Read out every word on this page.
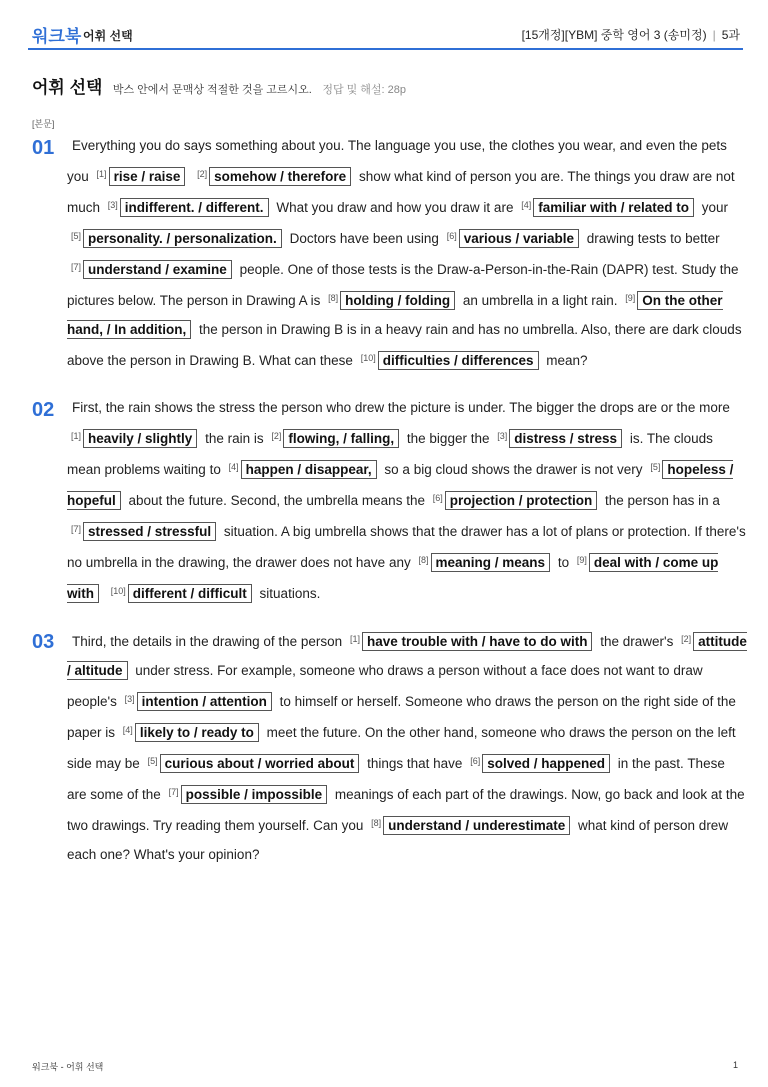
워크북 어휘 선택	[15개정][YBM] 중학 영어 3 (송미정) | 5과
어휘 선택 박스 안에서 문맥상 적절한 것을 고르시오. 정답 및 해설: 28p
[본문]
01	Everything you do says something about you. The language you use, the clothes you wear, and even the pets you [1] rise / raise [2] somehow / therefore show what kind of person you are. The things you draw are not much [3] indifferent. / different. What you draw and how you draw it are [4] familiar with / related to your [5] personality. / personalization. Doctors have been using [6] various / variable drawing tests to better [7] understand / examine people. One of those tests is the Draw-a-Person-in-the-Rain (DAPR) test. Study the pictures below. The person in Drawing A is [8] holding / folding an umbrella in a light rain. [9] On the other hand, / In addition, the person in Drawing B is in a heavy rain and has no umbrella. Also, there are dark clouds above the person in Drawing B. What can these [10] difficulties / differences mean?

02	First, the rain shows the stress the person who drew the picture is under. The bigger the drops are or the more [1] heavily / slightly the rain is [2] flowing, / falling, the bigger the [3] distress / stress is. The clouds mean problems waiting to [4] happen / disappear, so a big cloud shows the drawer is not very [5] hopeless / hopeful about the future. Second, the umbrella means the [6] projection / protection the person has in a [7] stressed / stressful situation. A big umbrella shows that the drawer has a lot of plans or protection. If there's no umbrella in the drawing, the drawer does not have any [8] meaning / means to [9] deal with / come up with [10] different / difficult situations.

03	Third, the details in the drawing of the person [1] have trouble with / have to do with the drawer's [2] attitude / altitude under stress. For example, someone who draws a person without a face does not want to draw people's [3] intention / attention to himself or herself. Someone who draws the person on the right side of the paper is [4] likely to / ready to meet the future. On the other hand, someone who draws the person on the left side may be [5] curious about / worried about things that have [6] solved / happened in the past. These are some of the [7] possible / impossible meanings of each part of the drawings. Now, go back and look at the two drawings. Try reading them yourself. Can you [8] understand / underestimate what kind of person drew each one? What's your opinion?

워크북 - 어휘 선택	1
